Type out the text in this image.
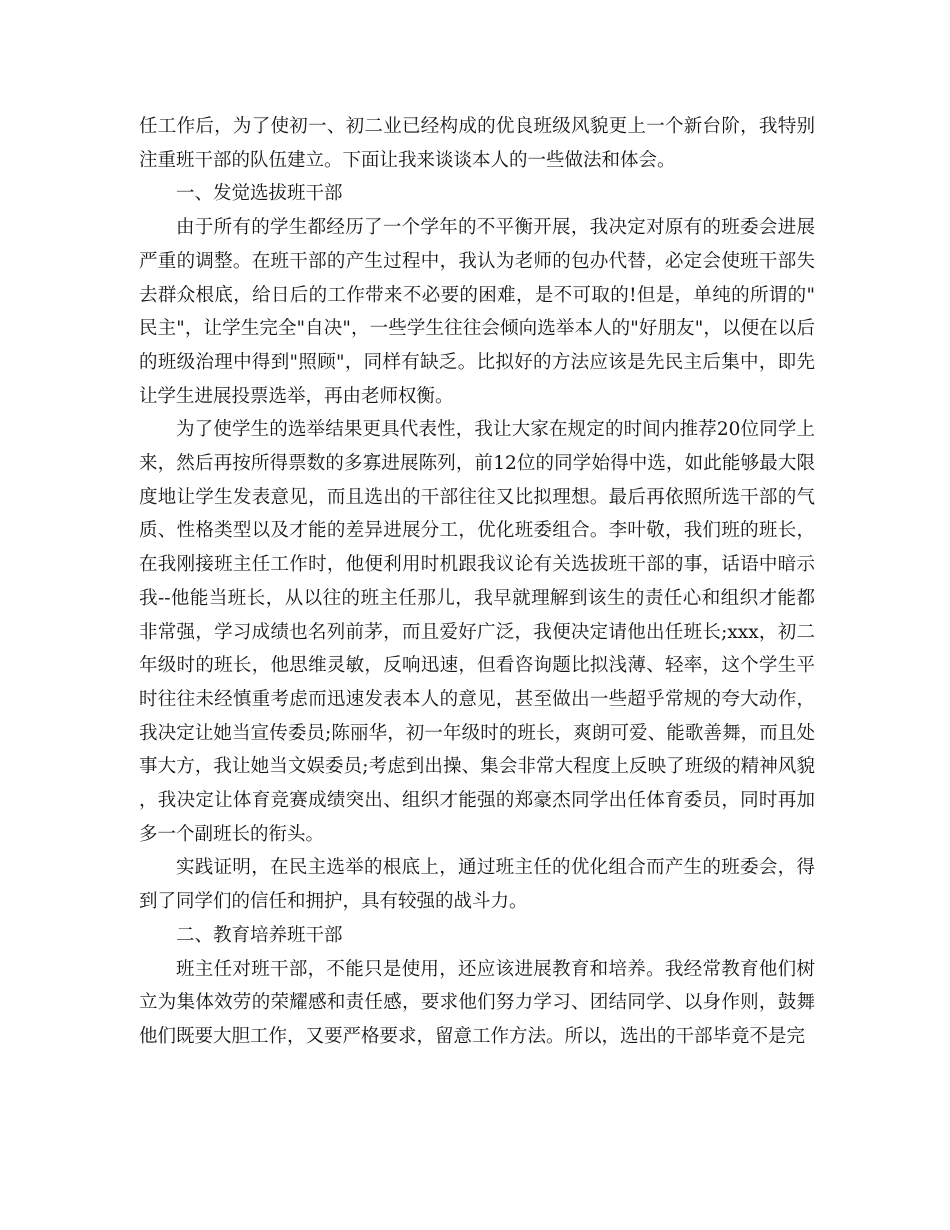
任工作后，为了使初一、初二业已经构成的优良班级风貌更上一个新台阶，我特别注重班干部的队伍建立。下面让我来谈谈本人的一些做法和体会。

一、发觉选拔班干部

由于所有的学生都经历了一个学年的不平衡开展，我决定对原有的班委会进展严重的调整。在班干部的产生过程中，我认为老师的包办代替，必定会使班干部失去群众根底，给日后的工作带来不必要的困难，是不可取的!但是，单纯的所谓的"民主"，让学生完全"自决"，一些学生往往会倾向选举本人的"好朋友"，以便在以后的班级治理中得到"照顾"，同样有缺乏。比拟好的方法应该是先民主后集中，即先让学生进展投票选举，再由老师权衡。

为了使学生的选举结果更具代表性，我让大家在规定的时间内推荐20位同学上来，然后再按所得票数的多寡进展陈列，前12位的同学始得中选，如此能够最大限度地让学生发表意见，而且选出的干部往往又比拟理想。最后再依照所选干部的气质、性格类型以及才能的差异进展分工，优化班委组合。李叶敬，我们班的班长，在我刚接班主任工作时，他便利用时机跟我议论有关选拔班干部的事，话语中暗示我--他能当班长，从以往的班主任那儿，我早就理解到该生的责任心和组织才能都非常强，学习成绩也名列前茅，而且爱好广泛，我便决定请他出任班长;xxx，初二年级时的班长，他思维灵敏，反响迅速，但看咨询题比拟浅薄、轻率，这个学生平时往往未经慎重考虑而迅速发表本人的意见，甚至做出一些超乎常规的夸大动作，我决定让她当宣传委员;陈丽华，初一年级时的班长，爽朗可爱、能歌善舞，而且处事大方，我让她当文娱委员;考虑到出操、集会非常大程度上反映了班级的精神风貌，我决定让体育竞赛成绩突出、组织才能强的郑豪杰同学出任体育委员，同时再加多一个副班长的衔头。

实践证明，在民主选举的根底上，通过班主任的优化组合而产生的班委会，得到了同学们的信任和拥护，具有较强的战斗力。

二、教育培养班干部

班主任对班干部，不能只是使用，还应该进展教育和培养。我经常教育他们树立为集体效劳的荣耀感和责任感，要求他们努力学习、团结同学、以身作则，鼓舞他们既要大胆工作，又要严格要求，留意工作方法。所以，选出的干部毕竟不是完
